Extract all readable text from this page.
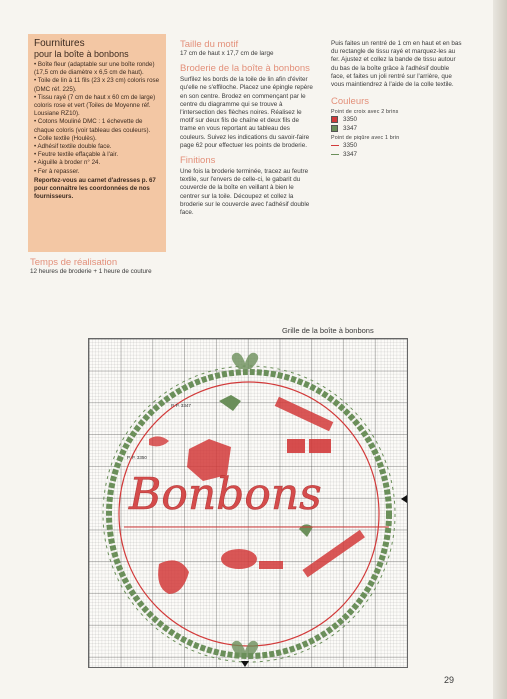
Fournitures
pour la boîte à bonbons
• Boîte fleur (adaptable sur une boîte ronde) (17,5 cm de diamètre x 6,5 cm de haut).
• Toile de lin à 11 fils (23 x 23 cm) coloris rose (DMC réf. 225).
• Tissu rayé (7 cm de haut x 60 cm de large) coloris rose et vert (Toiles de Moyenne réf. Lousiane RZ10).
• Cotons Mouliné DMC : 1 échevette de chaque coloris (voir tableau des couleurs).
• Colle textile (Houlès).
• Adhésif textile double face.
• Feutre textile effaçable à l'air.
• Aiguille à broder n° 24.
• Fer à repasser.
Reportez-vous au carnet d'adresses p. 67 pour connaître les coordonnées de nos fournisseurs.
Temps de réalisation
12 heures de broderie + 1 heure de couture
Taille du motif
17 cm de haut x 17,7 cm de large
Broderie de la boîte à bonbons
Surfilez les bords de la toile de lin afin d'éviter qu'elle ne s'effiloche. Placez une épingle repère en son centre. Brodez en commençant par le centre du diagramme qui se trouve à l'intersection des flèches noires. Réalisez le motif sur deux fils de chaîne et deux fils de trame en vous reportant au tableau des couleurs. Suivez les indications du savoir-faire page 62 pour effectuer les points de broderie.
Finitions
Une fois la broderie terminée, tracez au feutre textile, sur l'envers de celle-ci, le gabarit du couvercle de la boîte en veillant à bien le centrer sur la toile. Découpez et collez la broderie sur le couvercle avec l'adhésif double face.
Puis faites un rentré de 1 cm en haut et en bas du rectangle de tissu rayé et marquez-les au fer. Ajustez et collez la bande de tissu autour du bas de la boîte grâce à l'adhésif double face, et faites un joli rentré sur l'arrière, que vous maintiendrez à l'aide de la colle textile.
Couleurs
Point de croix avec 2 brins
3350
3347
Point de piqûre avec 1 brin
3350
3347
Grille de la boîte à bonbons
Bonbons
P. P. 3347
P. P. 3350
29
